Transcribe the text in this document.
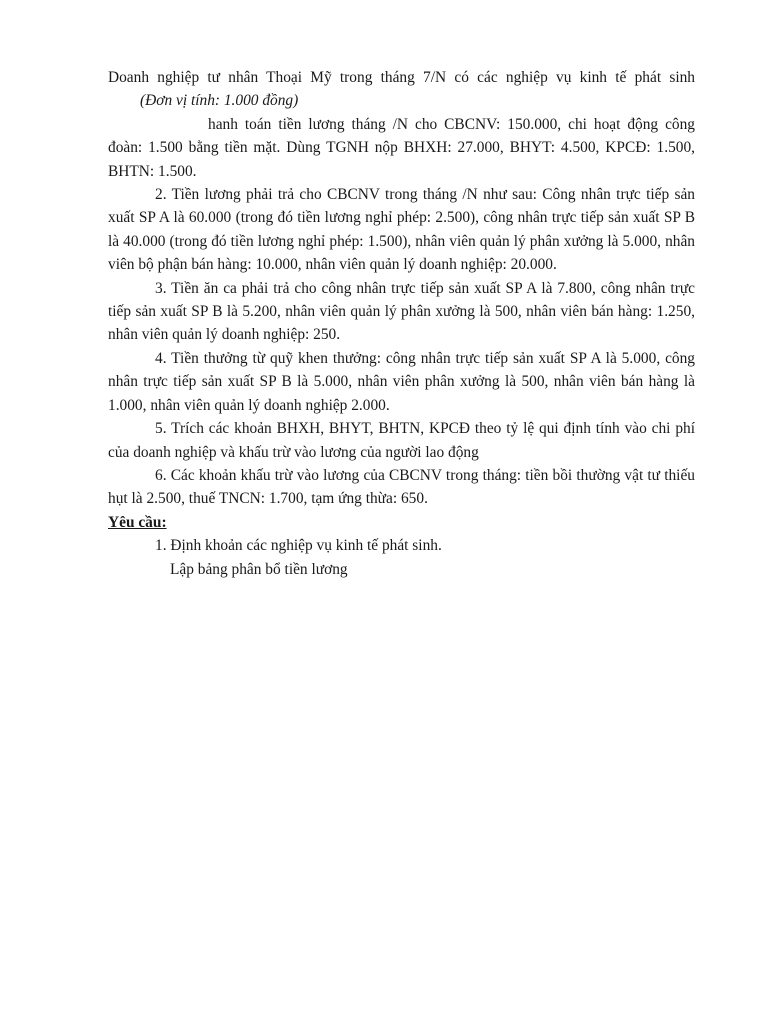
Doanh nghiệp tư nhân Thoại Mỹ trong tháng 7/N có các nghiệp vụ kinh tế phát sinh

(Đơn vị tính: 1.000 đồng)

hanh toán tiền lương tháng /N cho CBCNV: 150.000, chi hoạt động công đoàn: 1.500 bằng tiền mặt. Dùng TGNH nộp BHXH: 27.000, BHYT: 4.500, KPCĐ: 1.500, BHTN: 1.500.

2. Tiền lương phải trả cho CBCNV trong tháng /N như sau: Công nhân trực tiếp sản xuất SP A là 60.000 (trong đó tiền lương nghỉ phép: 2.500), công nhân trực tiếp sản xuất SP B là 40.000 (trong đó tiền lương nghỉ phép: 1.500), nhân viên quản lý phân xưởng là 5.000, nhân viên bộ phận bán hàng: 10.000, nhân viên quản lý doanh nghiệp: 20.000.

3. Tiền ăn ca phải trả cho công nhân trực tiếp sản xuất SP A là 7.800, công nhân trực tiếp sản xuất SP B là 5.200, nhân viên quản lý phân xưởng là 500, nhân viên bán hàng: 1.250, nhân viên quản lý doanh nghiệp: 250.

4. Tiền thưởng từ quỹ khen thưởng: công nhân trực tiếp sản xuất SP A là 5.000, công nhân trực tiếp sản xuất SP B là 5.000, nhân viên phân xưởng là 500, nhân viên bán hàng là 1.000, nhân viên quản lý doanh nghiệp 2.000.

5. Trích các khoản BHXH, BHYT, BHTN, KPCĐ theo tỷ lệ qui định tính vào chi phí của doanh nghiệp và khấu trừ vào lương của người lao động

6. Các khoản khấu trừ vào lương của CBCNV trong tháng: tiền bồi thường vật tư thiếu hụt là 2.500, thuế TNCN: 1.700, tạm ứng thừa: 650.

Yêu cầu:

1. Định khoản các nghiệp vụ kinh tế phát sinh.

Lập bảng phân bổ tiền lương
